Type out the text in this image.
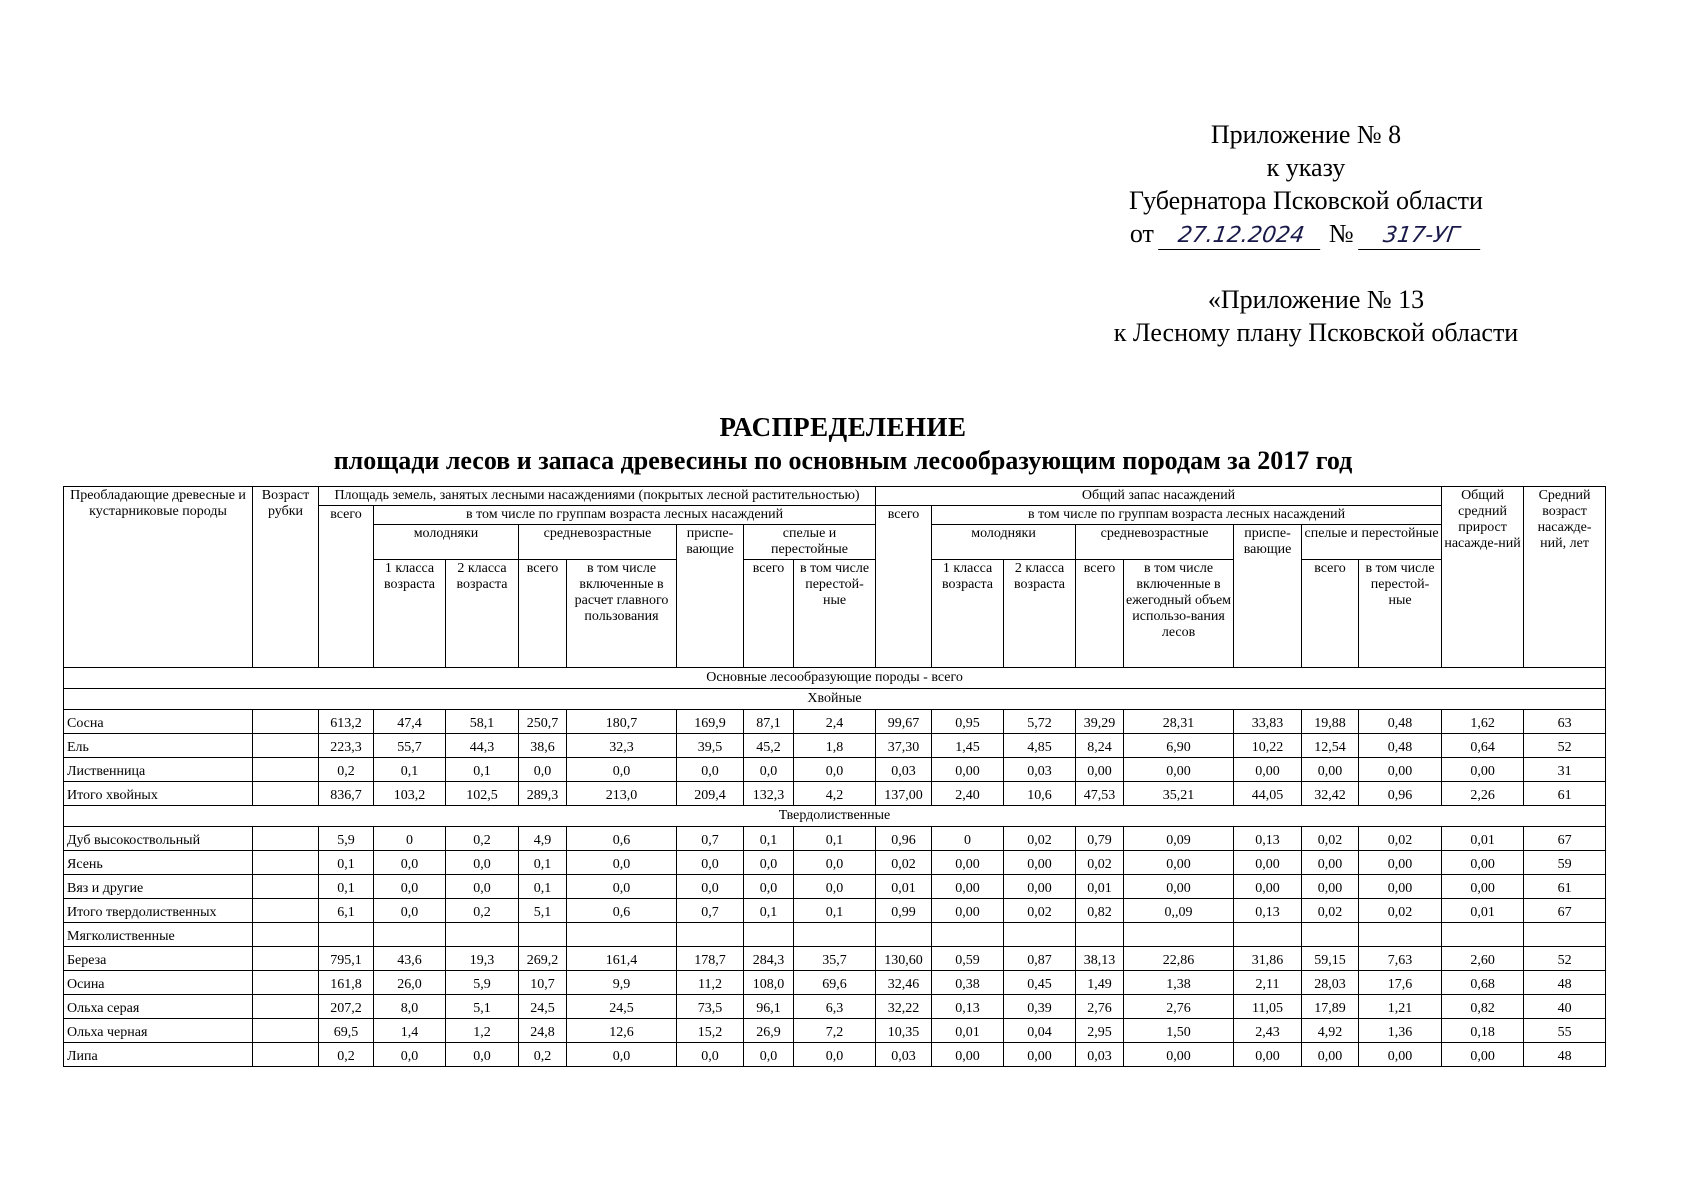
Приложение № 8
к указу
Губернатора Псковской области
от 27.12.2024 № 317-УГ
«Приложение № 13
к Лесному плану Псковской области
РАСПРЕДЕЛЕНИЕ
площади лесов и запаса древесины по основным лесообразующим породам за 2017 год
Преобладающие древесные и кустарниковые породы	Возраст рубки	Площадь земель, занятых лесными насаждениями (покрытых лесной растительностью)								Общий запас насаждений								Общий средний прирост насажде-ний	Средний возраст насажде-ний, лет
		всего	в том числе по группам возраста лесных насаждений							всего	в том числе по группам возраста лесных насаждений								
			молодняки		средневозрастные		приспе-вающие	спелые и перестойные			молодняки		средневозрастные		приспе-вающие	спелые и перестойные			
			1 класса возраста	2 класса возраста	всего	в том числе включенные в расчет главного пользования		всего	в том числе перестой-ные		1 класса возраста	2 класса возраста	всего	в том числе включенные в ежегодный объем использо-вания лесов		всего	в том числе перестой-ные		
Основные лесообразующие породы - всего																			
Хвойные																			
Сосна		613,2	47,4	58,1	250,7	180,7	169,9	87,1	2,4	99,67	0,95	5,72	39,29	28,31	33,83	19,88	0,48	1,62	63
Ель		223,3	55,7	44,3	38,6	32,3	39,5	45,2	1,8	37,30	1,45	4,85	8,24	6,90	10,22	12,54	0,48	0,64	52
Лиственница		0,2	0,1	0,1	0,0	0,0	0,0	0,0	0,0	0,03	0,00	0,03	0,00	0,00	0,00	0,00	0,00	0,00	31
Итого хвойных		836,7	103,2	102,5	289,3	213,0	209,4	132,3	4,2	137,00	2,40	10,6	47,53	35,21	44,05	32,42	0,96	2,26	61
Твердолиственные																			
Дуб высокоствольный		5,9	0	0,2	4,9	0,6	0,7	0,1	0,1	0,96	0	0,02	0,79	0,09	0,13	0,02	0,02	0,01	67
Ясень		0,1	0,0	0,0	0,1	0,0	0,0	0,0	0,0	0,02	0,00	0,00	0,02	0,00	0,00	0,00	0,00	0,00	59
Вяз и другие		0,1	0,0	0,0	0,1	0,0	0,0	0,0	0,0	0,01	0,00	0,00	0,01	0,00	0,00	0,00	0,00	0,00	61
Итого твердолиственных		6,1	0,0	0,2	5,1	0,6	0,7	0,1	0,1	0,99	0,00	0,02	0,82	0,,09	0,13	0,02	0,02	0,01	67
Мягколиственные																			
Береза		795,1	43,6	19,3	269,2	161,4	178,7	284,3	35,7	130,60	0,59	0,87	38,13	22,86	31,86	59,15	7,63	2,60	52
Осина		161,8	26,0	5,9	10,7	9,9	11,2	108,0	69,6	32,46	0,38	0,45	1,49	1,38	2,11	28,03	17,6	0,68	48
Ольха серая		207,2	8,0	5,1	24,5	24,5	73,5	96,1	6,3	32,22	0,13	0,39	2,76	2,76	11,05	17,89	1,21	0,82	40
Ольха черная		69,5	1,4	1,2	24,8	12,6	15,2	26,9	7,2	10,35	0,01	0,04	2,95	1,50	2,43	4,92	1,36	0,18	55
Липа		0,2	0,0	0,0	0,2	0,0	0,0	0,0	0,0	0,03	0,00	0,00	0,03	0,00	0,00	0,00	0,00	0,00	48
